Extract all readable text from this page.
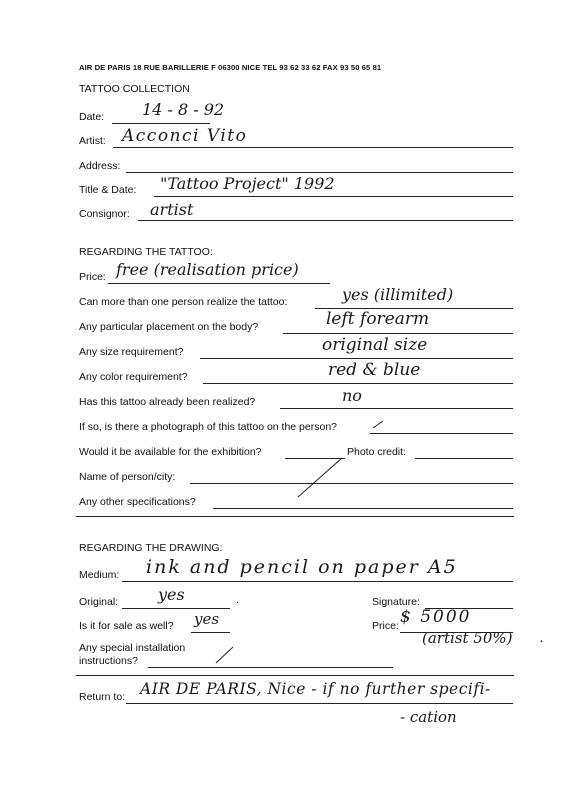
AIR DE PARIS 18 RUE BARILLERIE F 06300 NICE TEL 93 62 33 62 FAX 93 50 65 81
TATTOO COLLECTION
Date: 14 - 8 - 92
Artist: Acconci Vito
Address:
Title & Date: "Tattoo Project" 1992
Consignor: artist
REGARDING THE TATTOO:
Price: free (realisation price)
Can more than one person realize the tattoo:	yes (illimited)
Any particular placement on the body?	left forearm
Any size requirement?	original size
Any color requirement?	red & blue
Has this tattoo already been realized?	no
If so, is there a photograph of this tattoo on the person?
Would it be available for the exhibition?	Photo credit:
Name of person/city:
Any other specifications?
REGARDING THE DRAWING:
Medium: ink and pencil on paper A5
Original: yes	.	Signature:
Is it for sale as well? yes	Price: $ 5000
(artist 50%)	.
Any special installation
instructions?
Return to: AIR DE PARIS, Nice - if no further specifi-
- cation
